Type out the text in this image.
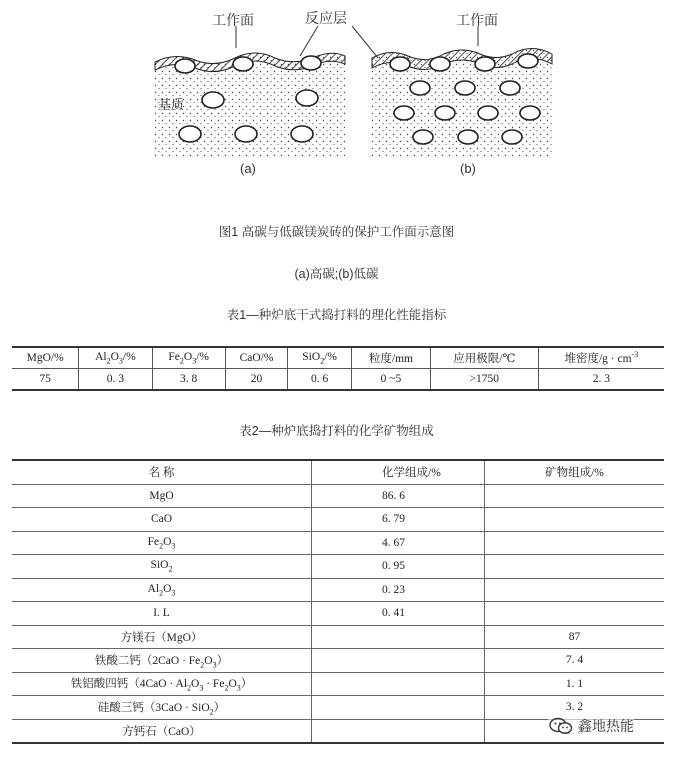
工作面	反应层	工作面
基质
(a)	(b)
图1 高碳与低碳镁炭砖的保护工作面示意图
(a)高碳;(b)低碳
表1—种炉底干式捣打料的理化性能指标
MgO/%	$Al_2O_3/\%$	$Fe_2O_3/\%$	CaO/%	SiO$_2$/%	粒度/mm	应用极限/℃	堆密度$/g \cdot cm^{-3}$
75	0. 3	3. 8	20	0. 6	0 ~5	>1750	2. 3
表2—种炉底捣打料的化学矿物组成
名 称	化学组成/%	矿物组成/%
MgO	86. 6	
CaO	6. 79	
$Fe_2O_3$	4. 67	
SiO$_2$	0. 95	
$Al_2O_3$	0. 23	
I. L	0. 41	
方镁石（MgO）		87
铁酸二钙$(2CaO \cdot Fe_2O_3)$		7. 4
铁铝酸四钙$(4CaO \cdot Al_2O_3 \cdot Fe_2O_3)$		1. 1
硅酸三钙（3CaO · SiO$_2$）		3. 2
方钙石（CaO）			鑫地热能
